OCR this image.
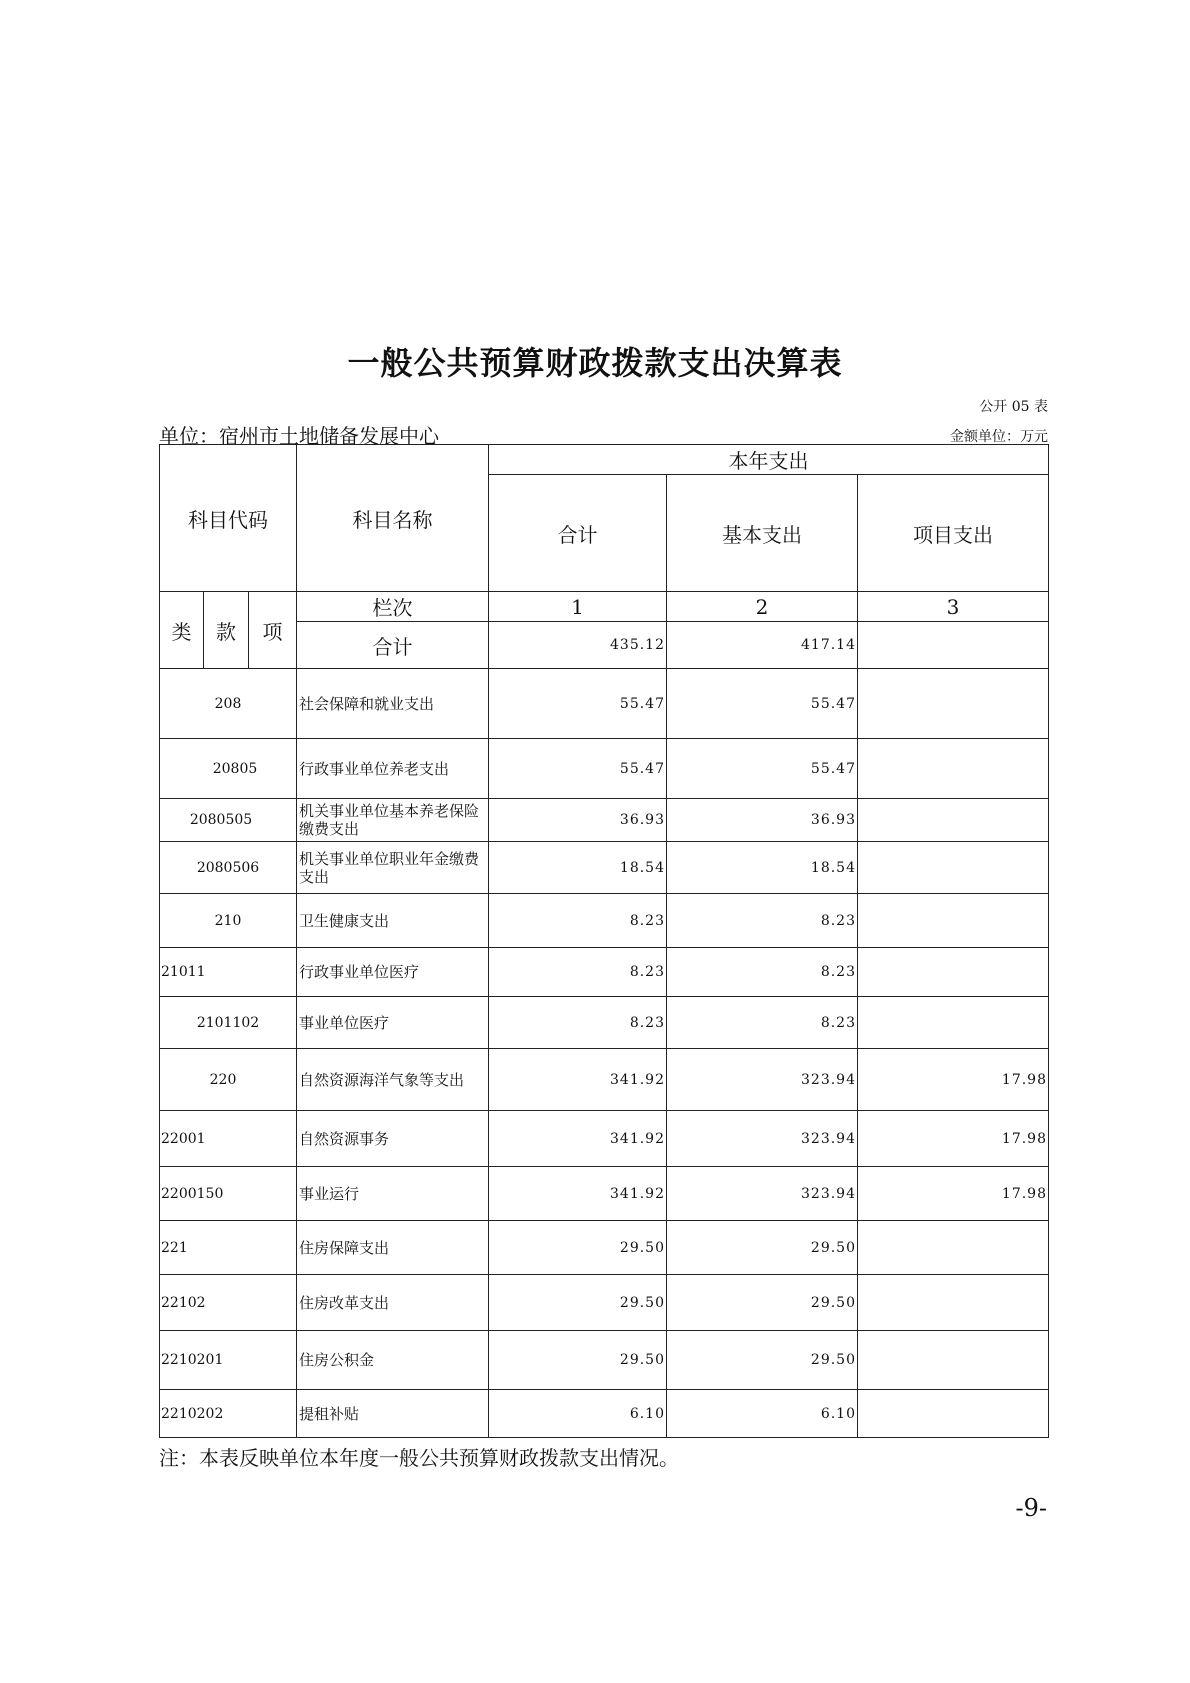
一般公共预算财政拨款支出决算表
公开 05 表
单位：宿州市土地储备发展中心	金额单位：万元
科目代码			科目名称	本年支出		
				合计	基本支出	项目支出
类	款	项	栏次	1	2	3
			合计	435.12	417.14	
208			社会保障和就业支出	55.47	55.47	
20805			行政事业单位养老支出	55.47	55.47	
2080505			机关事业单位基本养老保险缴费支出	36.93	36.93	
2080506			机关事业单位职业年金缴费支出	18.54	18.54	
210			卫生健康支出	8.23	8.23	
21011			行政事业单位医疗	8.23	8.23	
2101102			事业单位医疗	8.23	8.23	
220			自然资源海洋气象等支出	341.92	323.94	17.98
22001			自然资源事务	341.92	323.94	17.98
2200150			事业运行	341.92	323.94	17.98
221			住房保障支出	29.50	29.50	
22102			住房改革支出	29.50	29.50	
2210201			住房公积金	29.50	29.50	
2210202			提租补贴	6.10	6.10	
注：本表反映单位本年度一般公共预算财政拨款支出情况。
-9-
